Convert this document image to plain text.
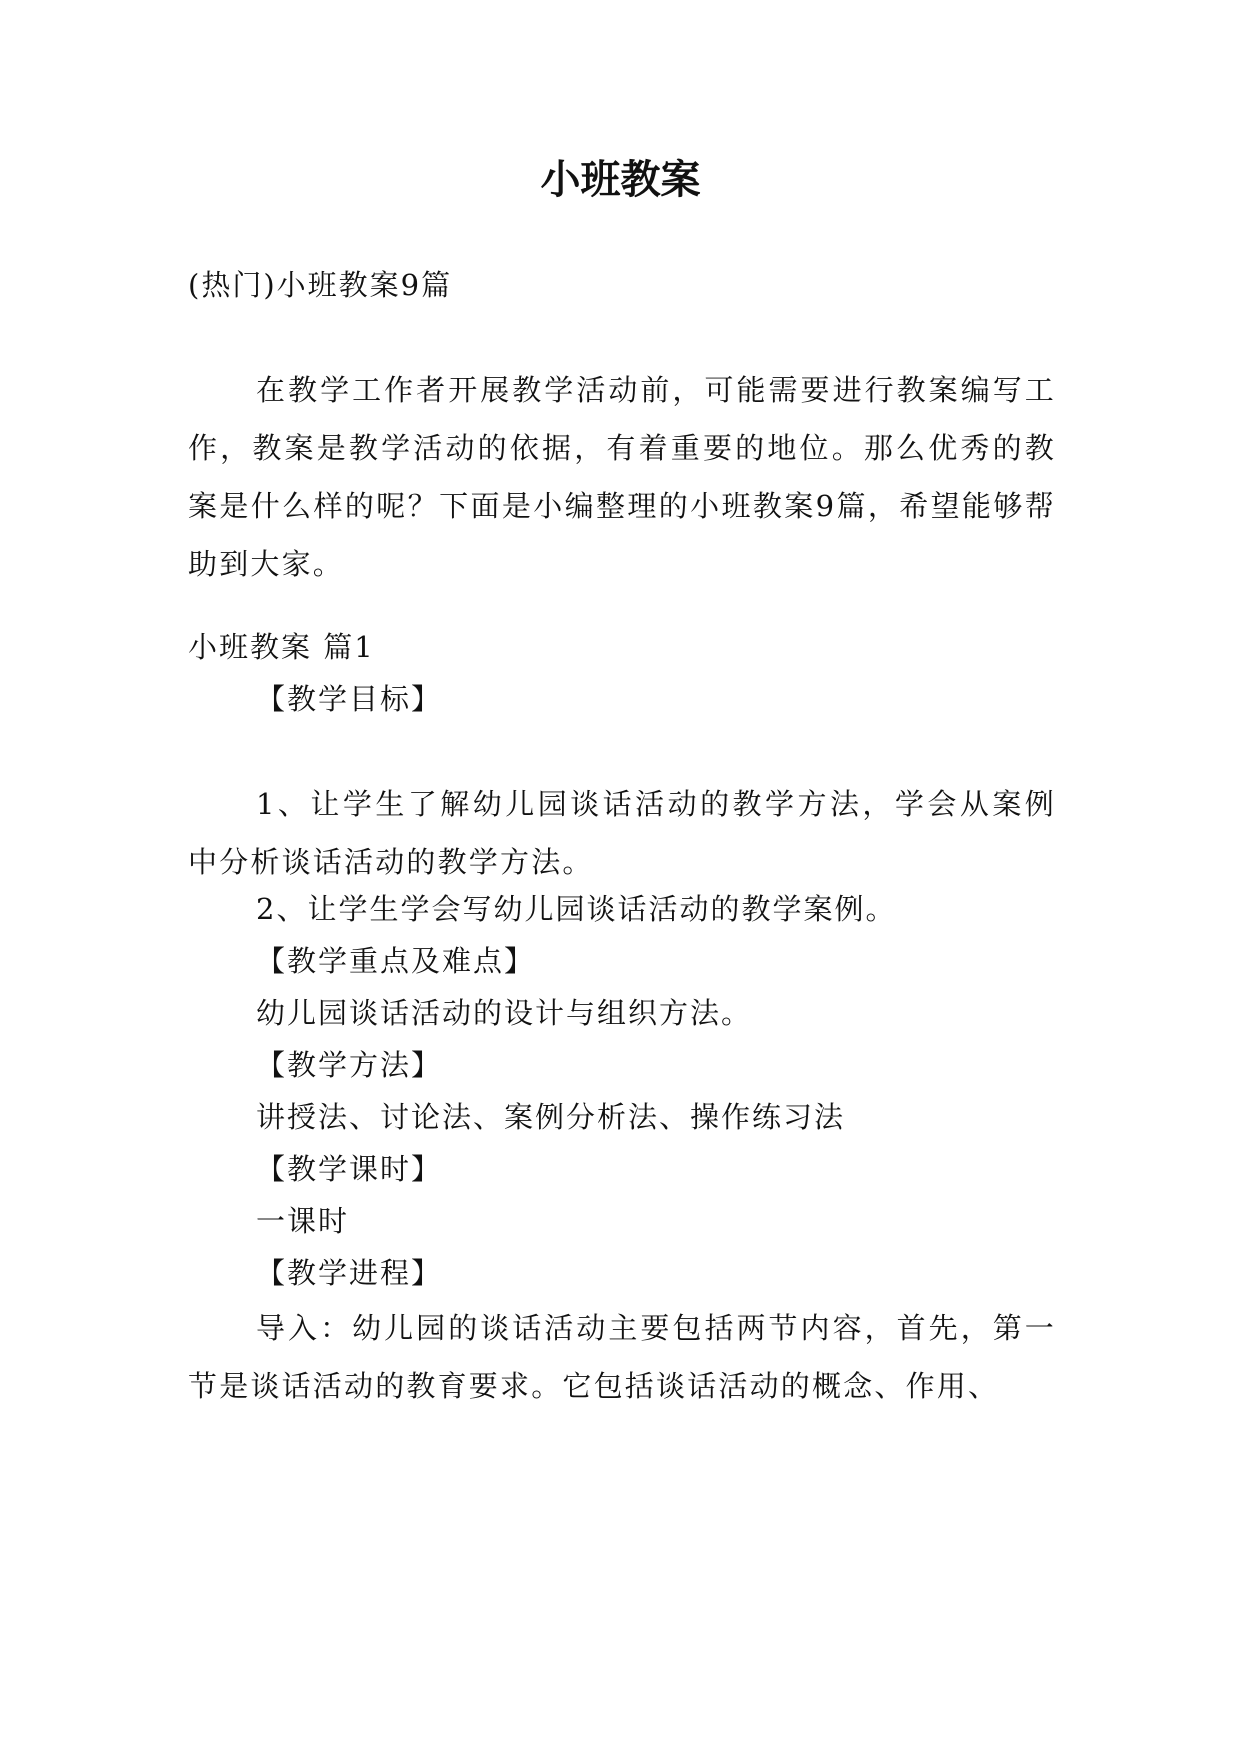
小班教案
(热门)小班教案9篇

在教学工作者开展教学活动前，可能需要进行教案编写工作，教案是教学活动的依据，有着重要的地位。那么优秀的教案是什么样的呢？下面是小编整理的小班教案9篇，希望能够帮助到大家。

小班教案 篇1
【教学目标】

1、让学生了解幼儿园谈话活动的教学方法，学会从案例中分析谈话活动的教学方法。

2、让学生学会写幼儿园谈话活动的教学案例。
【教学重点及难点】
幼儿园谈话活动的设计与组织方法。
【教学方法】
讲授法、讨论法、案例分析法、操作练习法
【教学课时】
一课时
【教学进程】

导入：幼儿园的谈话活动主要包括两节内容，首先，第一节是谈话活动的教育要求。它包括谈话活动的概念、作用、
